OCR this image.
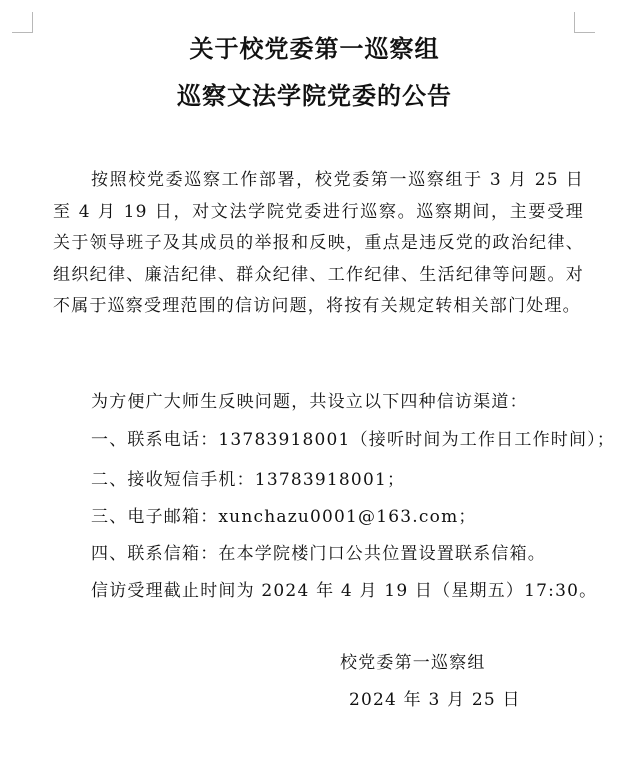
关于校党委第一巡察组
巡察文法学院党委的公告

按照校党委巡察工作部署，校党委第一巡察组于 3 月 25 日至 4 月 19 日，对文法学院党委进行巡察。巡察期间，主要受理关于领导班子及其成员的举报和反映，重点是违反党的政治纪律、组织纪律、廉洁纪律、群众纪律、工作纪律、生活纪律等问题。对不属于巡察受理范围的信访问题，将按有关规定转相关部门处理。

为方便广大师生反映问题，共设立以下四种信访渠道：

一、联系电话：13783918001（接听时间为工作日工作时间）；

二、接收短信手机：13783918001；

三、电子邮箱：xunchazu0001@163.com；

四、联系信箱：在本学院楼门口公共位置设置联系信箱。

信访受理截止时间为 2024 年 4 月 19 日（星期五）17:30。

校党委第一巡察组

2024 年 3 月 25 日
